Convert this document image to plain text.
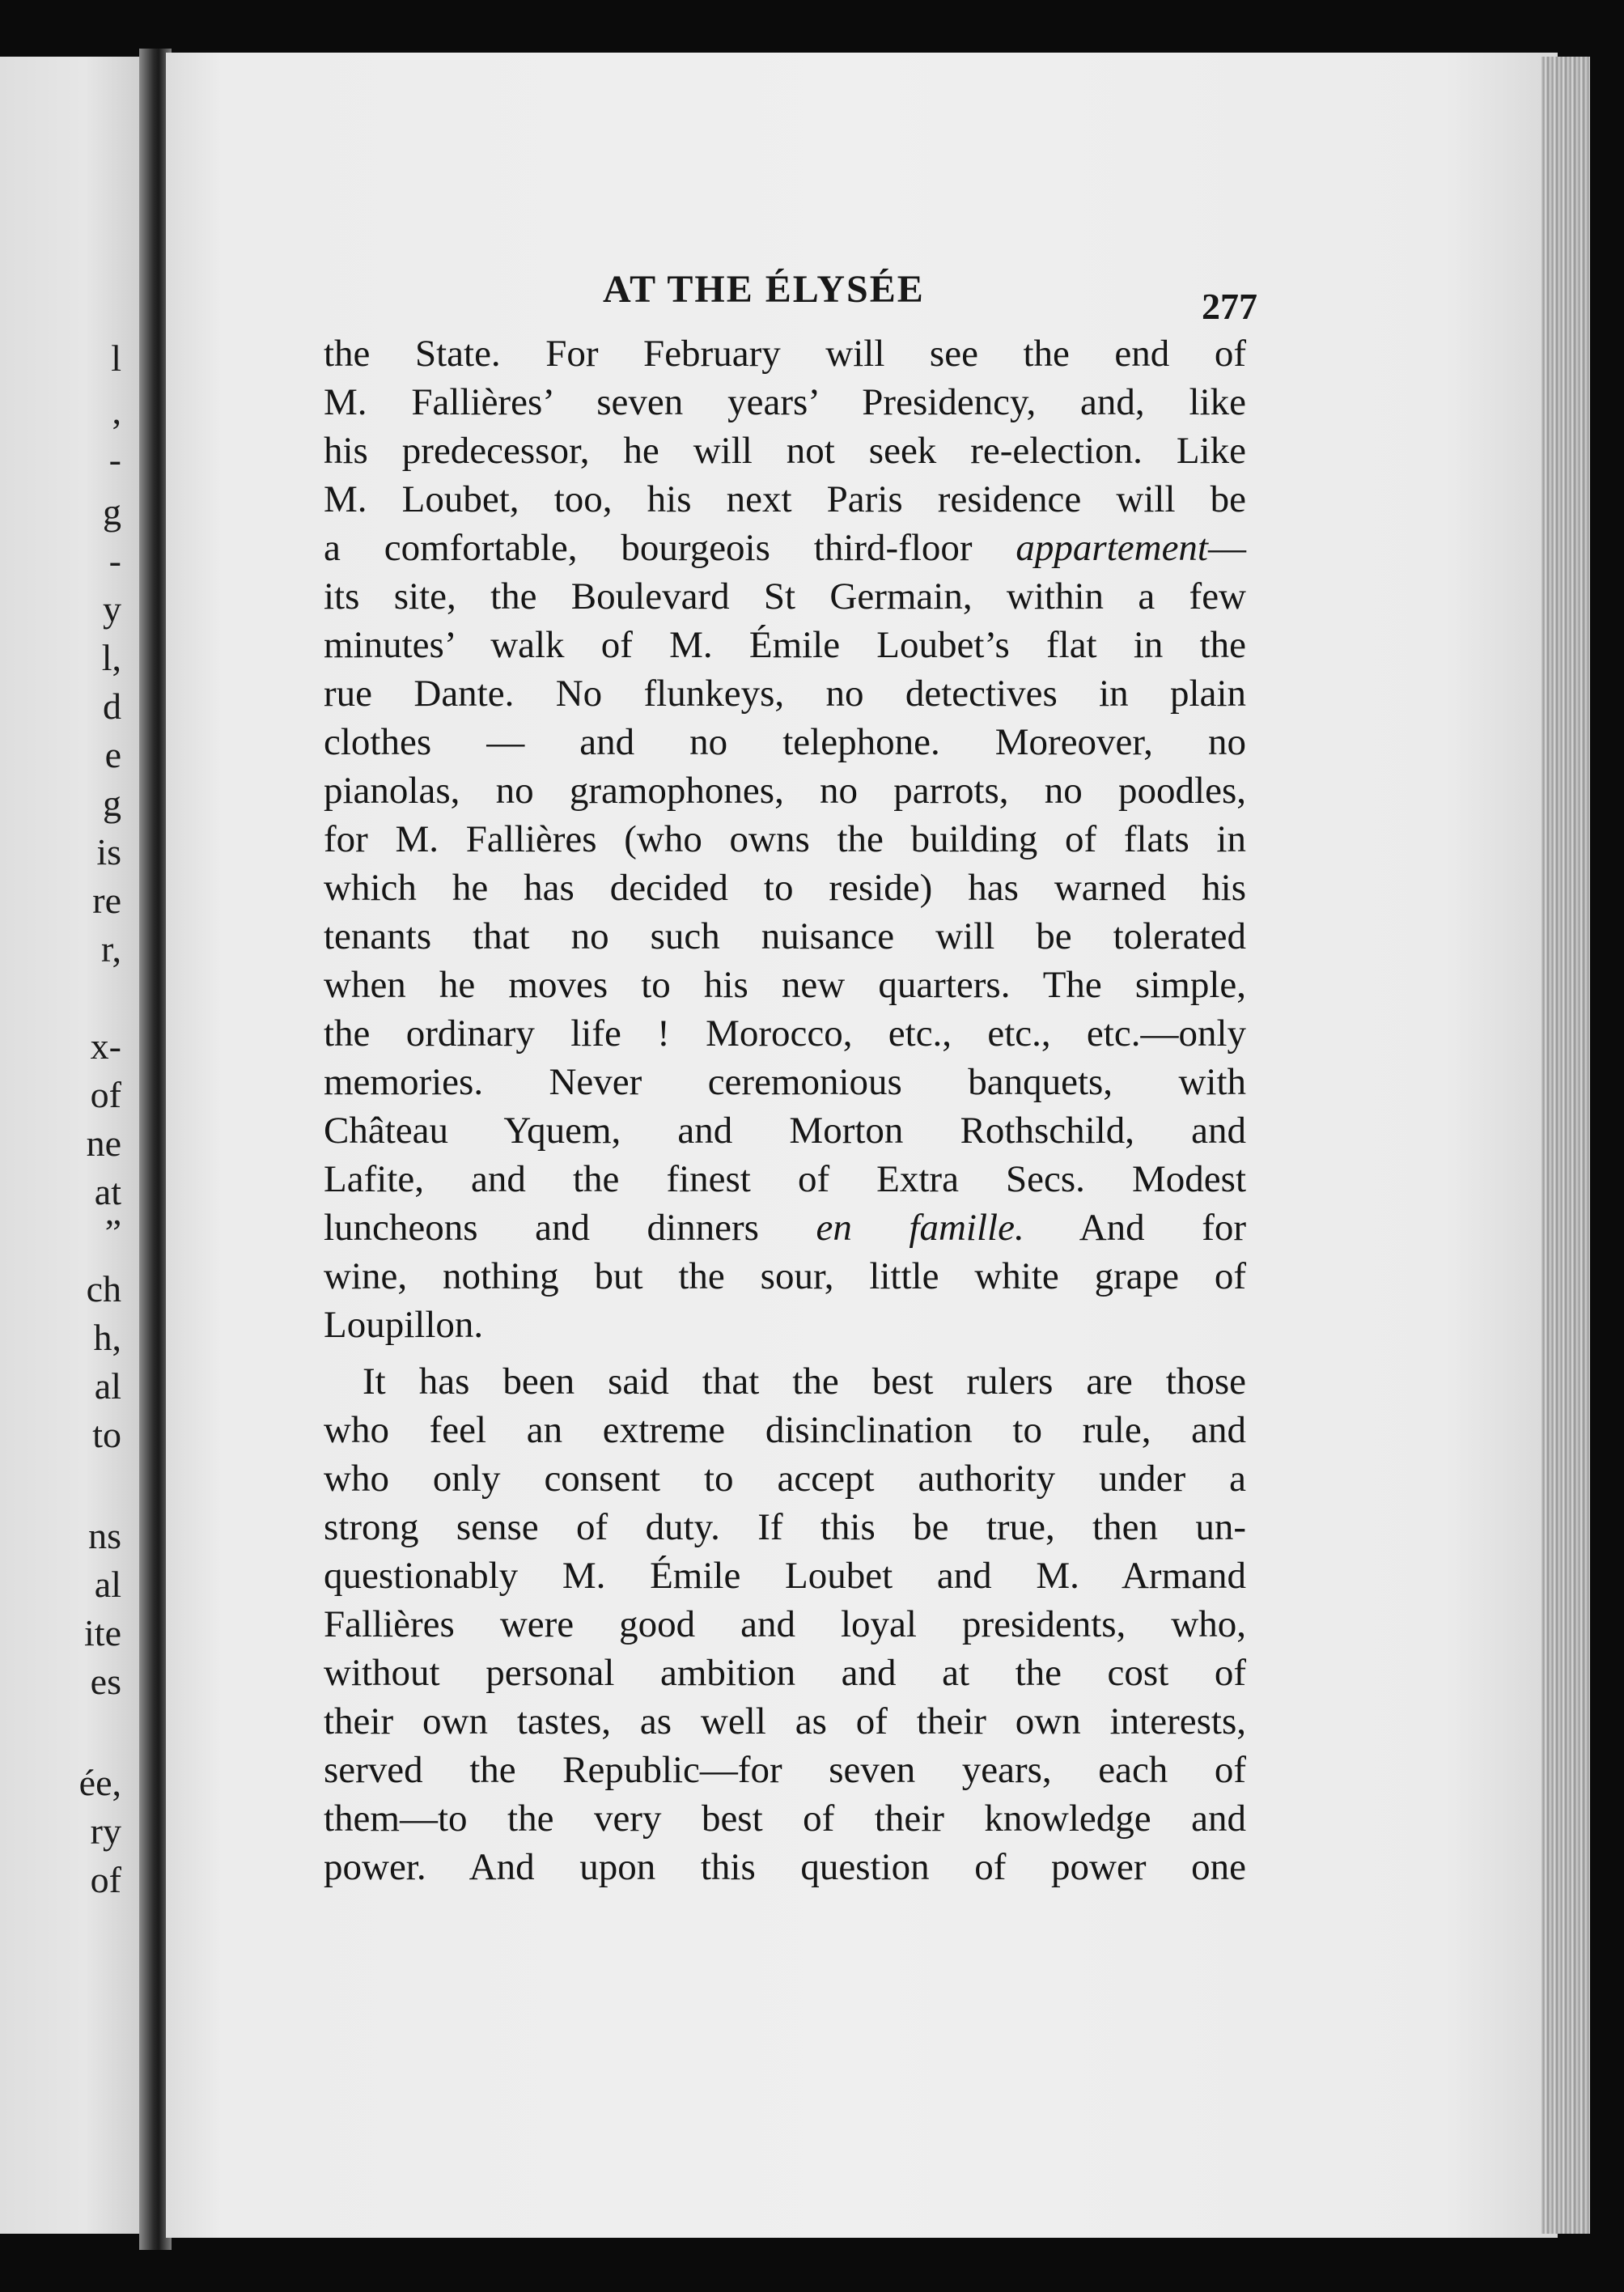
l

,

-

g

-

y

l,

d

e

g

is

re

r,

x-

of

ne

at

”

ch

h,

al

to

ns

al

ite

es

ée,

ry

of

AT THE ÉLYSÉE	277

the State. For February will see the end of

M. Fallières’ seven years’ Presidency, and, like

his predecessor, he will not seek re-election. Like

M. Loubet, too, his next Paris residence will be

a comfortable, bourgeois third-floor appartement—

its site, the Boulevard St Germain, within a few

minutes’ walk of M. Émile Loubet’s flat in the

rue Dante. No flunkeys, no detectives in plain

clothes — and no telephone. Moreover, no

pianolas, no gramophones, no parrots, no poodles,

for M. Fallières (who owns the building of flats in

which he has decided to reside) has warned his

tenants that no such nuisance will be tolerated

when he moves to his new quarters. The simple,

the ordinary life ! Morocco, etc., etc., etc.—only

memories. Never ceremonious banquets, with

Château Yquem, and Morton Rothschild, and

Lafite, and the finest of Extra Secs. Modest

luncheons and dinners en famille. And for

wine, nothing but the sour, little white grape of

Loupillon.

It has been said that the best rulers are those

who feel an extreme disinclination to rule, and

who only consent to accept authority under a

strong sense of duty. If this be true, then un-

questionably M. Émile Loubet and M. Armand

Fallières were good and loyal presidents, who,

without personal ambition and at the cost of

their own tastes, as well as of their own interests,

served the Republic—for seven years, each of

them—to the very best of their knowledge and

power. And upon this question of power one
